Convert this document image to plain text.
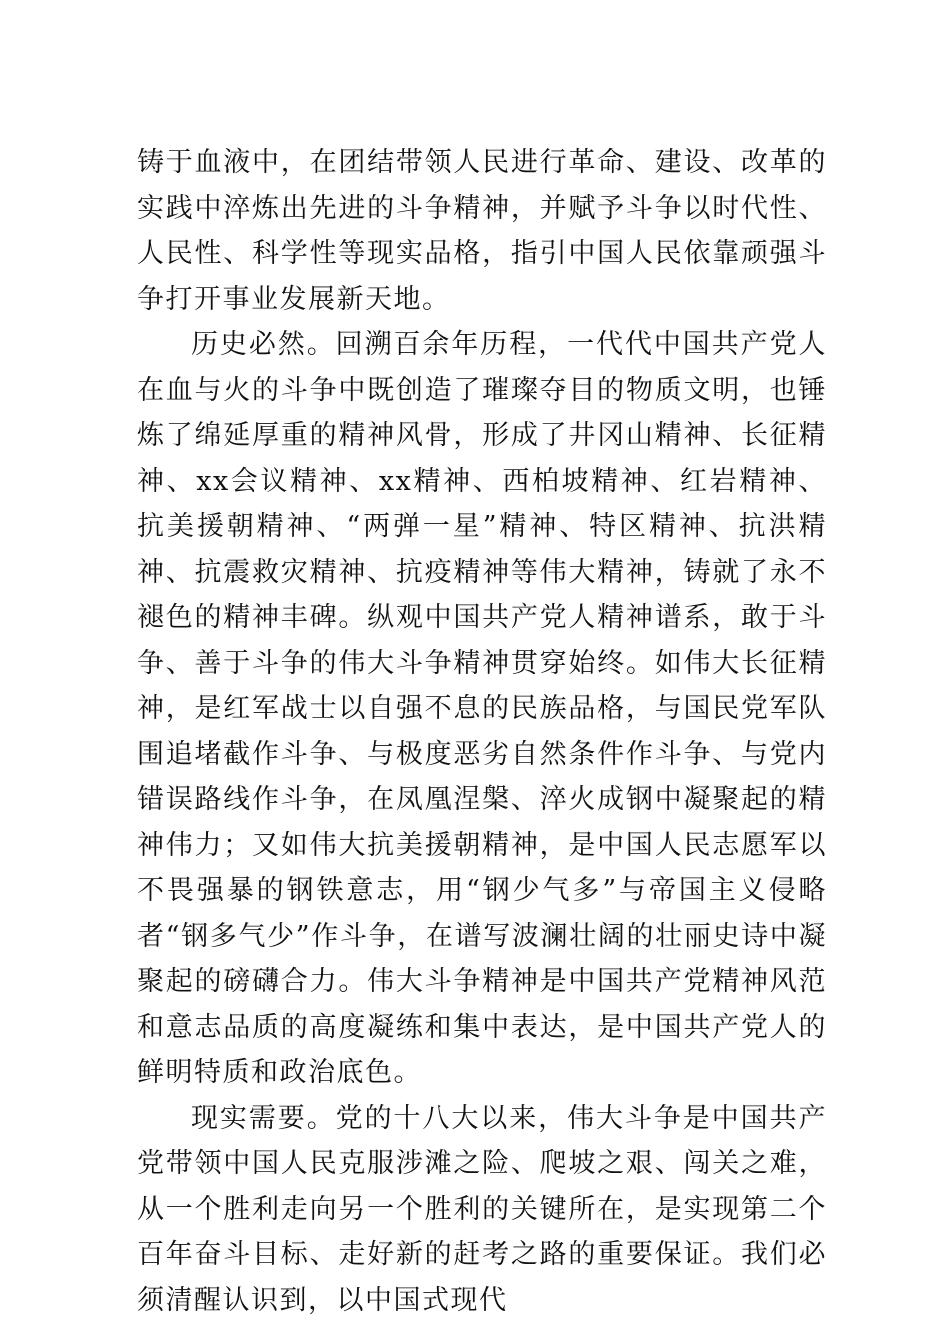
铸于血液中，在团结带领人民进行革命、建设、改革的实践中淬炼出先进的斗争精神，并赋予斗争以时代性、人民性、科学性等现实品格，指引中国人民依靠顽强斗争打开事业发展新天地。

历史必然。回溯百余年历程，一代代中国共产党人在血与火的斗争中既创造了璀璨夺目的物质文明，也锤炼了绵延厚重的精神风骨，形成了井冈山精神、长征精神、xx会议精神、xx精神、西柏坡精神、红岩精神、抗美援朝精神、“两弹一星”精神、特区精神、抗洪精神、抗震救灾精神、抗疫精神等伟大精神，铸就了永不褪色的精神丰碑。纵观中国共产党人精神谱系，敢于斗争、善于斗争的伟大斗争精神贯穿始终。如伟大长征精神，是红军战士以自强不息的民族品格，与国民党军队围追堵截作斗争、与极度恶劣自然条件作斗争、与党内错误路线作斗争，在凤凰涅槃、淬火成钢中凝聚起的精神伟力；又如伟大抗美援朝精神，是中国人民志愿军以不畏强暴的钢铁意志，用“钢少气多”与帝国主义侵略者“钢多气少”作斗争，在谱写波澜壮阔的壮丽史诗中凝聚起的磅礴合力。伟大斗争精神是中国共产党精神风范和意志品质的高度凝练和集中表达，是中国共产党人的鲜明特质和政治底色。

现实需要。党的十八大以来，伟大斗争是中国共产党带领中国人民克服涉滩之险、爬坡之艰、闯关之难，从一个胜利走向另一个胜利的关键所在，是实现第二个百年奋斗目标、走好新的赶考之路的重要保证。我们必须清醒认识到，以中国式现代
